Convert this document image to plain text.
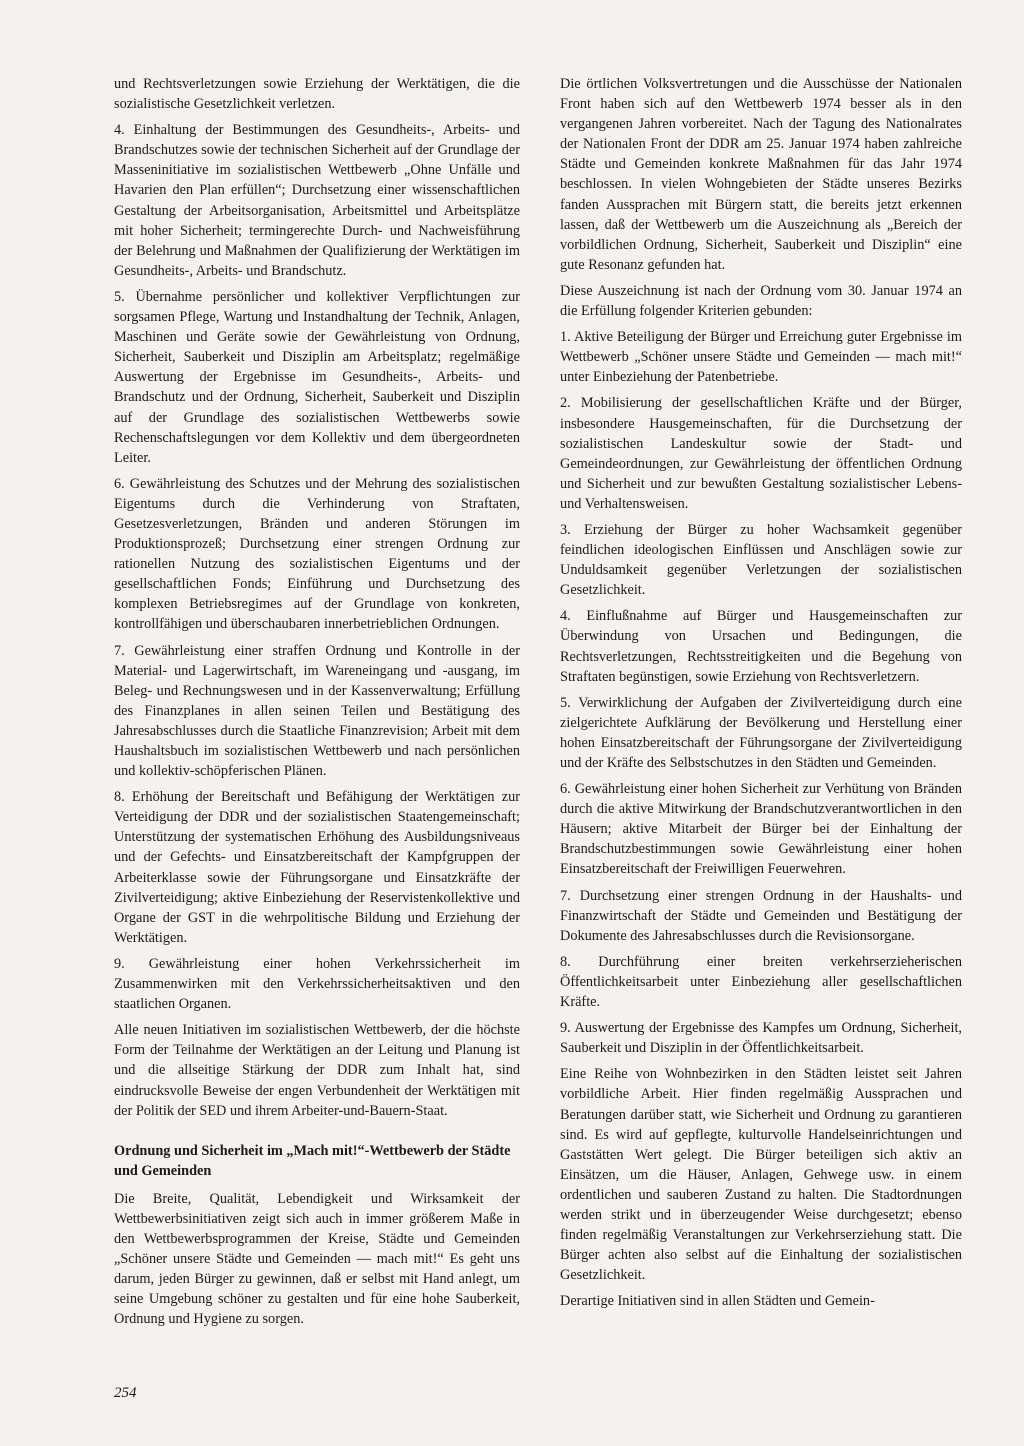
und Rechtsverletzungen sowie Erziehung der Werktätigen, die die sozialistische Gesetzlichkeit verletzen.

4. Einhaltung der Bestimmungen des Gesundheits-, Arbeits- und Brandschutzes sowie der technischen Sicherheit auf der Grundlage der Masseninitiative im sozialistischen Wettbewerb „Ohne Unfälle und Havarien den Plan erfüllen“; Durchsetzung einer wissenschaftlichen Gestaltung der Arbeitsorganisation, Arbeitsmittel und Arbeitsplätze mit hoher Sicherheit; termingerechte Durch- und Nachweisführung der Belehrung und Maßnahmen der Qualifizierung der Werktätigen im Gesundheits-, Arbeits- und Brandschutz.

5. Übernahme persönlicher und kollektiver Verpflichtungen zur sorgsamen Pflege, Wartung und Instandhaltung der Technik, Anlagen, Maschinen und Geräte sowie der Gewährleistung von Ordnung, Sicherheit, Sauberkeit und Disziplin am Arbeitsplatz; regelmäßige Auswertung der Ergebnisse im Gesundheits-, Arbeits- und Brandschutz und der Ordnung, Sicherheit, Sauberkeit und Disziplin auf der Grundlage des sozialistischen Wettbewerbs sowie Rechenschaftslegungen vor dem Kollektiv und dem übergeordneten Leiter.

6. Gewährleistung des Schutzes und der Mehrung des sozialistischen Eigentums durch die Verhinderung von Straftaten, Gesetzesverletzungen, Bränden und anderen Störungen im Produktionsprozeß; Durchsetzung einer strengen Ordnung zur rationellen Nutzung des sozialistischen Eigentums und der gesellschaftlichen Fonds; Einführung und Durchsetzung des komplexen Betriebsregimes auf der Grundlage von konkreten, kontrollfähigen und überschaubaren innerbetrieblichen Ordnungen.

7. Gewährleistung einer straffen Ordnung und Kontrolle in der Material- und Lagerwirtschaft, im Wareneingang und -ausgang, im Beleg- und Rechnungswesen und in der Kassenverwaltung; Erfüllung des Finanzplanes in allen seinen Teilen und Bestätigung des Jahresabschlusses durch die Staatliche Finanzrevision; Arbeit mit dem Haushaltsbuch im sozialistischen Wettbewerb und nach persönlichen und kollektiv-schöpferischen Plänen.

8. Erhöhung der Bereitschaft und Befähigung der Werktätigen zur Verteidigung der DDR und der sozialistischen Staatengemeinschaft; Unterstützung der systematischen Erhöhung des Ausbildungsniveaus und der Gefechts- und Einsatzbereitschaft der Kampfgruppen der Arbeiterklasse sowie der Führungsorgane und Einsatzkräfte der Zivilverteidigung; aktive Einbeziehung der Reservistenkollektive und Organe der GST in die wehrpolitische Bildung und Erziehung der Werktätigen.

9. Gewährleistung einer hohen Verkehrssicherheit im Zusammenwirken mit den Verkehrssicherheitsaktiven und den staatlichen Organen.

Alle neuen Initiativen im sozialistischen Wettbewerb, der die höchste Form der Teilnahme der Werktätigen an der Leitung und Planung ist und die allseitige Stärkung der DDR zum Inhalt hat, sind eindrucksvolle Beweise der engen Verbundenheit der Werktätigen mit der Politik der SED und ihrem Arbeiter-und-Bauern-Staat.

Ordnung und Sicherheit im „Mach mit!“-Wettbewerb der Städte und Gemeinden

Die Breite, Qualität, Lebendigkeit und Wirksamkeit der Wettbewerbsinitiativen zeigt sich auch in immer größerem Maße in den Wettbewerbsprogrammen der Kreise, Städte und Gemeinden „Schöner unsere Städte und Gemeinden — mach mit!“ Es geht uns darum, jeden Bürger zu gewinnen, daß er selbst mit Hand anlegt, um seine Umgebung schöner zu gestalten und für eine hohe Sauberkeit, Ordnung und Hygiene zu sorgen.

Die örtlichen Volksvertretungen und die Ausschüsse der Nationalen Front haben sich auf den Wettbewerb 1974 besser als in den vergangenen Jahren vorbereitet. Nach der Tagung des Nationalrates der Nationalen Front der DDR am 25. Januar 1974 haben zahlreiche Städte und Gemeinden konkrete Maßnahmen für das Jahr 1974 beschlossen. In vielen Wohngebieten der Städte unseres Bezirks fanden Aussprachen mit Bürgern statt, die bereits jetzt erkennen lassen, daß der Wettbewerb um die Auszeichnung als „Bereich der vorbildlichen Ordnung, Sicherheit, Sauberkeit und Disziplin“ eine gute Resonanz gefunden hat.

Diese Auszeichnung ist nach der Ordnung vom 30. Januar 1974 an die Erfüllung folgender Kriterien gebunden:

1. Aktive Beteiligung der Bürger und Erreichung guter Ergebnisse im Wettbewerb „Schöner unsere Städte und Gemeinden — mach mit!“ unter Einbeziehung der Patenbetriebe.

2. Mobilisierung der gesellschaftlichen Kräfte und der Bürger, insbesondere Hausgemeinschaften, für die Durchsetzung der sozialistischen Landeskultur sowie der Stadt- und Gemeindeordnungen, zur Gewährleistung der öffentlichen Ordnung und Sicherheit und zur bewußten Gestaltung sozialistischer Lebens- und Verhaltensweisen.

3. Erziehung der Bürger zu hoher Wachsamkeit gegenüber feindlichen ideologischen Einflüssen und Anschlägen sowie zur Unduldsamkeit gegenüber Verletzungen der sozialistischen Gesetzlichkeit.

4. Einflußnahme auf Bürger und Hausgemeinschaften zur Überwindung von Ursachen und Bedingungen, die Rechtsverletzungen, Rechtsstreitigkeiten und die Begehung von Straftaten begünstigen, sowie Erziehung von Rechtsverletzern.

5. Verwirklichung der Aufgaben der Zivilverteidigung durch eine zielgerichtete Aufklärung der Bevölkerung und Herstellung einer hohen Einsatzbereitschaft der Führungsorgane der Zivilverteidigung und der Kräfte des Selbstschutzes in den Städten und Gemeinden.

6. Gewährleistung einer hohen Sicherheit zur Verhütung von Bränden durch die aktive Mitwirkung der Brandschutzverantwortlichen in den Häusern; aktive Mitarbeit der Bürger bei der Einhaltung der Brandschutzbestimmungen sowie Gewährleistung einer hohen Einsatzbereitschaft der Freiwilligen Feuerwehren.

7. Durchsetzung einer strengen Ordnung in der Haushalts- und Finanzwirtschaft der Städte und Gemeinden und Bestätigung der Dokumente des Jahresabschlusses durch die Revisionsorgane.

8. Durchführung einer breiten verkehrserzieherischen Öffentlichkeitsarbeit unter Einbeziehung aller gesellschaftlichen Kräfte.

9. Auswertung der Ergebnisse des Kampfes um Ordnung, Sicherheit, Sauberkeit und Disziplin in der Öffentlichkeitsarbeit.

Eine Reihe von Wohnbezirken in den Städten leistet seit Jahren vorbildliche Arbeit. Hier finden regelmäßig Aussprachen und Beratungen darüber statt, wie Sicherheit und Ordnung zu garantieren sind. Es wird auf gepflegte, kulturvolle Handelseinrichtungen und Gaststätten Wert gelegt. Die Bürger beteiligen sich aktiv an Einsätzen, um die Häuser, Anlagen, Gehwege usw. in einem ordentlichen und sauberen Zustand zu halten. Die Stadtordnungen werden strikt und in überzeugender Weise durchgesetzt; ebenso finden regelmäßig Veranstaltungen zur Verkehrserziehung statt. Die Bürger achten also selbst auf die Einhaltung der sozialistischen Gesetzlichkeit.

Derartige Initiativen sind in allen Städten und Gemein-

254
